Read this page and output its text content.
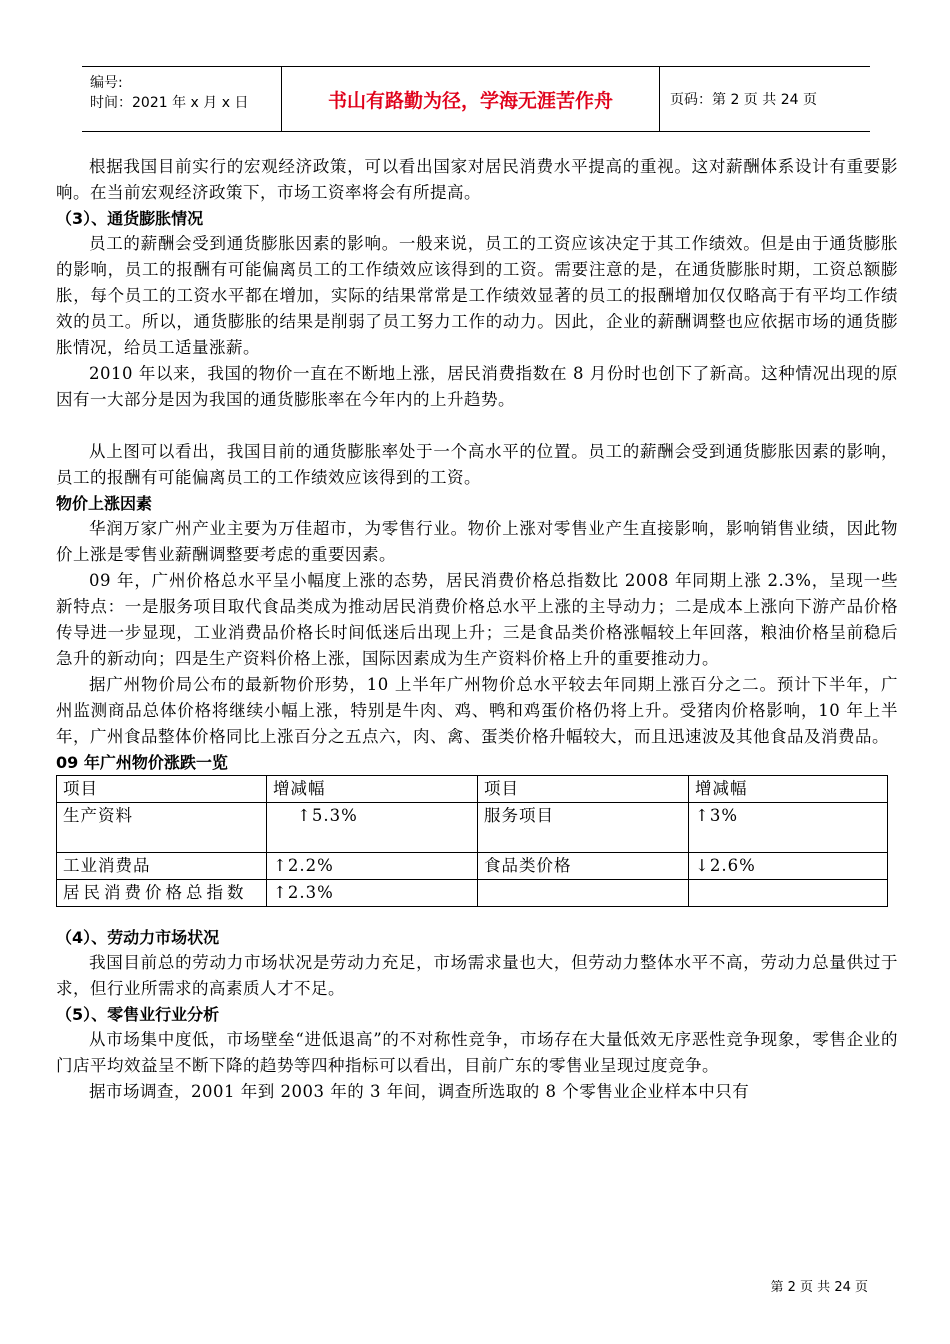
编号:
时间：2021 年 x 月 x 日	书山有路勤为径，学海无涯苦作舟	页码：第 2 页 共 24 页

根据我国目前实行的宏观经济政策，可以看出国家对居民消费水平提高的重视。这对薪酬体系设计有重要影响。在当前宏观经济政策下，市场工资率将会有所提高。

（3）、通货膨胀情况

员工的薪酬会受到通货膨胀因素的影响。一般来说，员工的工资应该决定于其工作绩效。但是由于通货膨胀的影响，员工的报酬有可能偏离员工的工作绩效应该得到的工资。需要注意的是，在通货膨胀时期，工资总额膨胀，每个员工的工资水平都在增加，实际的结果常常是工作绩效显著的员工的报酬增加仅仅略高于有平均工作绩效的员工。所以，通货膨胀的结果是削弱了员工努力工作的动力。因此，企业的薪酬调整也应依据市场的通货膨胀情况，给员工适量涨薪。

2010 年以来，我国的物价一直在不断地上涨，居民消费指数在 8 月份时也创下了新高。这种情况出现的原因有一大部分是因为我国的通货膨胀率在今年内的上升趋势。

从上图可以看出，我国目前的通货膨胀率处于一个高水平的位置。员工的薪酬会受到通货膨胀因素的影响，员工的报酬有可能偏离员工的工作绩效应该得到的工资。

物价上涨因素

华润万家广州产业主要为万佳超市，为零售行业。物价上涨对零售业产生直接影响，影响销售业绩，因此物价上涨是零售业薪酬调整要考虑的重要因素。

09 年，广州价格总水平呈小幅度上涨的态势，居民消费价格总指数比 2008 年同期上涨 2.3%，呈现一些新特点：一是服务项目取代食品类成为推动居民消费价格总水平上涨的主导动力；二是成本上涨向下游产品价格传导进一步显现，工业消费品价格长时间低迷后出现上升；三是食品类价格涨幅较上年回落，粮油价格呈前稳后急升的新动向；四是生产资料价格上涨，国际因素成为生产资料价格上升的重要推动力。

据广州物价局公布的最新物价形势，10 上半年广州物价总水平较去年同期上涨百分之二。预计下半年，广州监测商品总体价格将继续小幅上涨，特别是牛肉、鸡、鸭和鸡蛋价格仍将上升。受猪肉价格影响，10 年上半年，广州食品整体价格同比上涨百分之五点六，肉、禽、蛋类价格升幅较大，而且迅速波及其他食品及消费品。

09 年广州物价涨跌一览
项目	增减幅	项目	增减幅
生产资料	↑5.3%	服务项目	↑3%
工业消费品	↑2.2%	食品类价格	↓2.6%
居民消费价格总指数	↑2.3%		
（4）、劳动力市场状况

我国目前总的劳动力市场状况是劳动力充足，市场需求量也大，但劳动力整体水平不高，劳动力总量供过于求，但行业所需求的高素质人才不足。

（5）、零售业行业分析

从市场集中度低，市场壁垒“进低退高”的不对称性竞争，市场存在大量低效无序恶性竞争现象，零售企业的门店平均效益呈不断下降的趋势等四种指标可以看出，目前广东的零售业呈现过度竞争。

据市场调查，2001 年到 2003 年的 3 年间，调查所选取的 8 个零售业企业样本中只有

第 2 页 共 24 页
